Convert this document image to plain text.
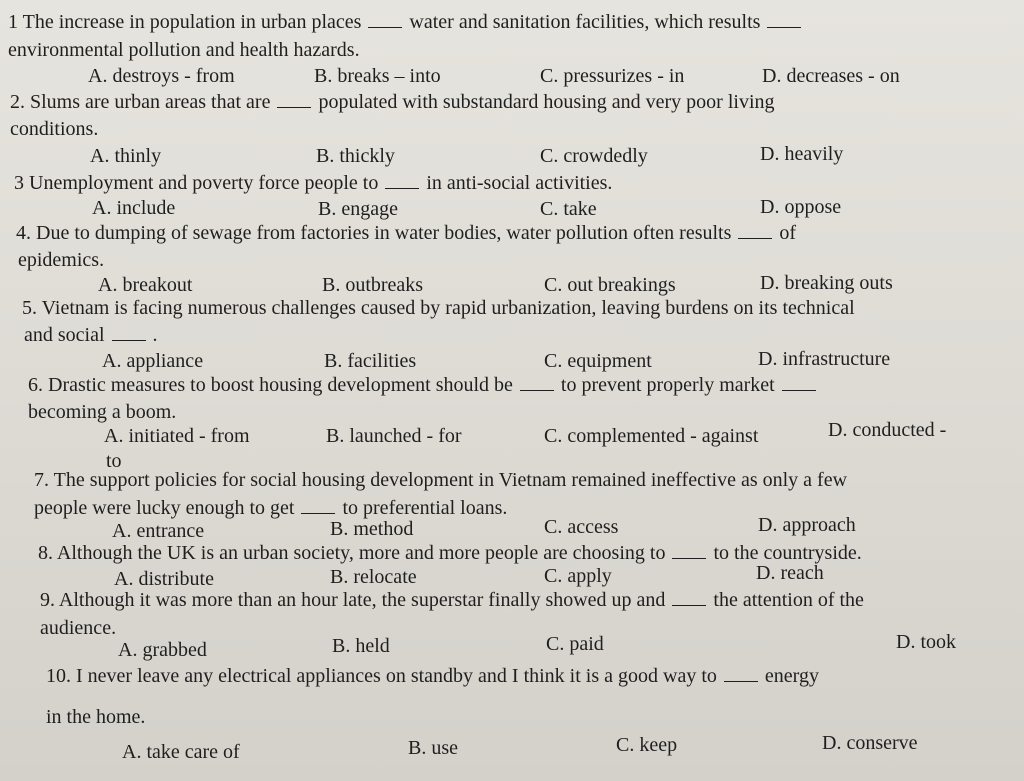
1 The increase in population in urban places water and sanitation facilities, which results
environmental pollution and health hazards.
A. destroys - from	B. breaks – into	C. pressurizes - in	D. decreases - on
2. Slums are urban areas that are populated with substandard housing and very poor living
conditions.
A. thinly	B. thickly	C. crowdedly	D. heavily
3 Unemployment and poverty force people to in anti-social activities.
A. include	B. engage	C. take	D. oppose
4. Due to dumping of sewage from factories in water bodies, water pollution often results of
epidemics.
A. breakout	B. outbreaks	C. out breakings	D. breaking outs
5. Vietnam is facing numerous challenges caused by rapid urbanization, leaving burdens on its technical
and social .
A. appliance	B. facilities	C. equipment	D. infrastructure
6. Drastic measures to boost housing development should be to prevent properly market
becoming a boom.
A. initiated - from	B. launched - for	C. complemented - against	D. conducted -
to
7. The support policies for social housing development in Vietnam remained ineffective as only a few
people were lucky enough to get to preferential loans.
A. entrance	B. method	C. access	D. approach
8. Although the UK is an urban society, more and more people are choosing to to the countryside.
A. distribute	B. relocate	C. apply	D. reach
9. Although it was more than an hour late, the superstar finally showed up and the attention of the
audience.
A. grabbed	B. held	C. paid	D. took
10. I never leave any electrical appliances on standby and I think it is a good way to energy
in the home.
A. take care of	B. use	C. keep	D. conserve
